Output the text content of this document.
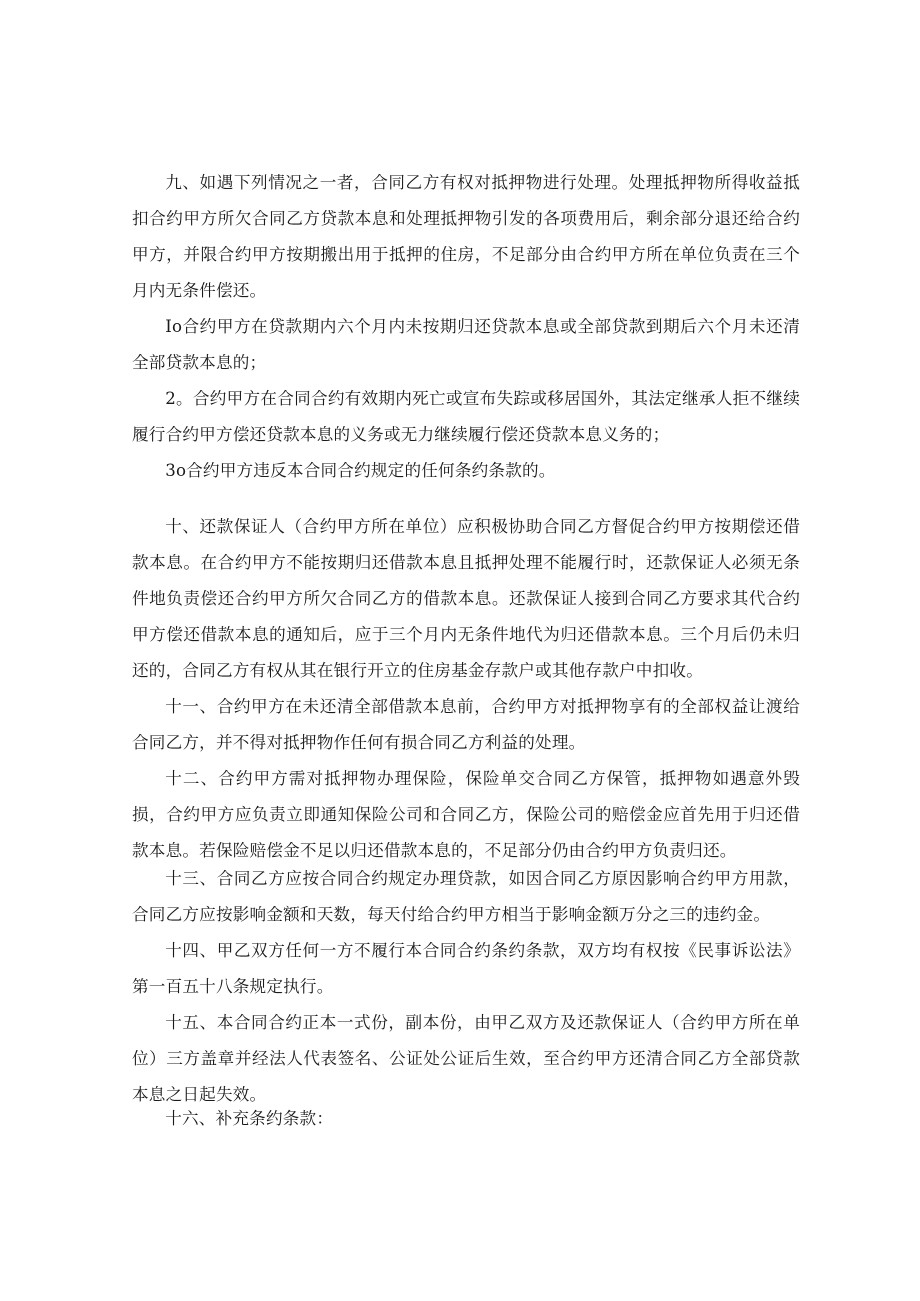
九、如遇下列情况之一者，合同乙方有权对抵押物进行处理。处理抵押物所得收益抵扣合约甲方所欠合同乙方贷款本息和处理抵押物引发的各项费用后，剩余部分退还给合约甲方，并限合约甲方按期搬出用于抵押的住房，不足部分由合约甲方所在单位负责在三个月内无条件偿还。

Io合约甲方在贷款期内六个月内未按期归还贷款本息或全部贷款到期后六个月未还清全部贷款本息的；

2。合约甲方在合同合约有效期内死亡或宣布失踪或移居国外，其法定继承人拒不继续履行合约甲方偿还贷款本息的义务或无力继续履行偿还贷款本息义务的；

3o合约甲方违反本合同合约规定的任何条约条款的。

十、还款保证人（合约甲方所在单位）应积极协助合同乙方督促合约甲方按期偿还借款本息。在合约甲方不能按期归还借款本息且抵押处理不能履行时，还款保证人必须无条件地负责偿还合约甲方所欠合同乙方的借款本息。还款保证人接到合同乙方要求其代合约甲方偿还借款本息的通知后，应于三个月内无条件地代为归还借款本息。三个月后仍未归还的，合同乙方有权从其在银行开立的住房基金存款户或其他存款户中扣收。

十一、合约甲方在未还清全部借款本息前，合约甲方对抵押物享有的全部权益让渡给合同乙方，并不得对抵押物作任何有损合同乙方利益的处理。

十二、合约甲方需对抵押物办理保险，保险单交合同乙方保管，抵押物如遇意外毁损，合约甲方应负责立即通知保险公司和合同乙方，保险公司的赔偿金应首先用于归还借款本息。若保险赔偿金不足以归还借款本息的，不足部分仍由合约甲方负责归还。

十三、合同乙方应按合同合约规定办理贷款，如因合同乙方原因影响合约甲方用款，合同乙方应按影响金额和天数，每天付给合约甲方相当于影响金额万分之三的违约金。

十四、甲乙双方任何一方不履行本合同合约条约条款，双方均有权按《民事诉讼法》第一百五十八条规定执行。

十五、本合同合约正本一式份，副本份，由甲乙双方及还款保证人（合约甲方所在单位）三方盖章并经法人代表签名、公证处公证后生效，至合约甲方还清合同乙方全部贷款本息之日起失效。

十六、补充条约条款：
